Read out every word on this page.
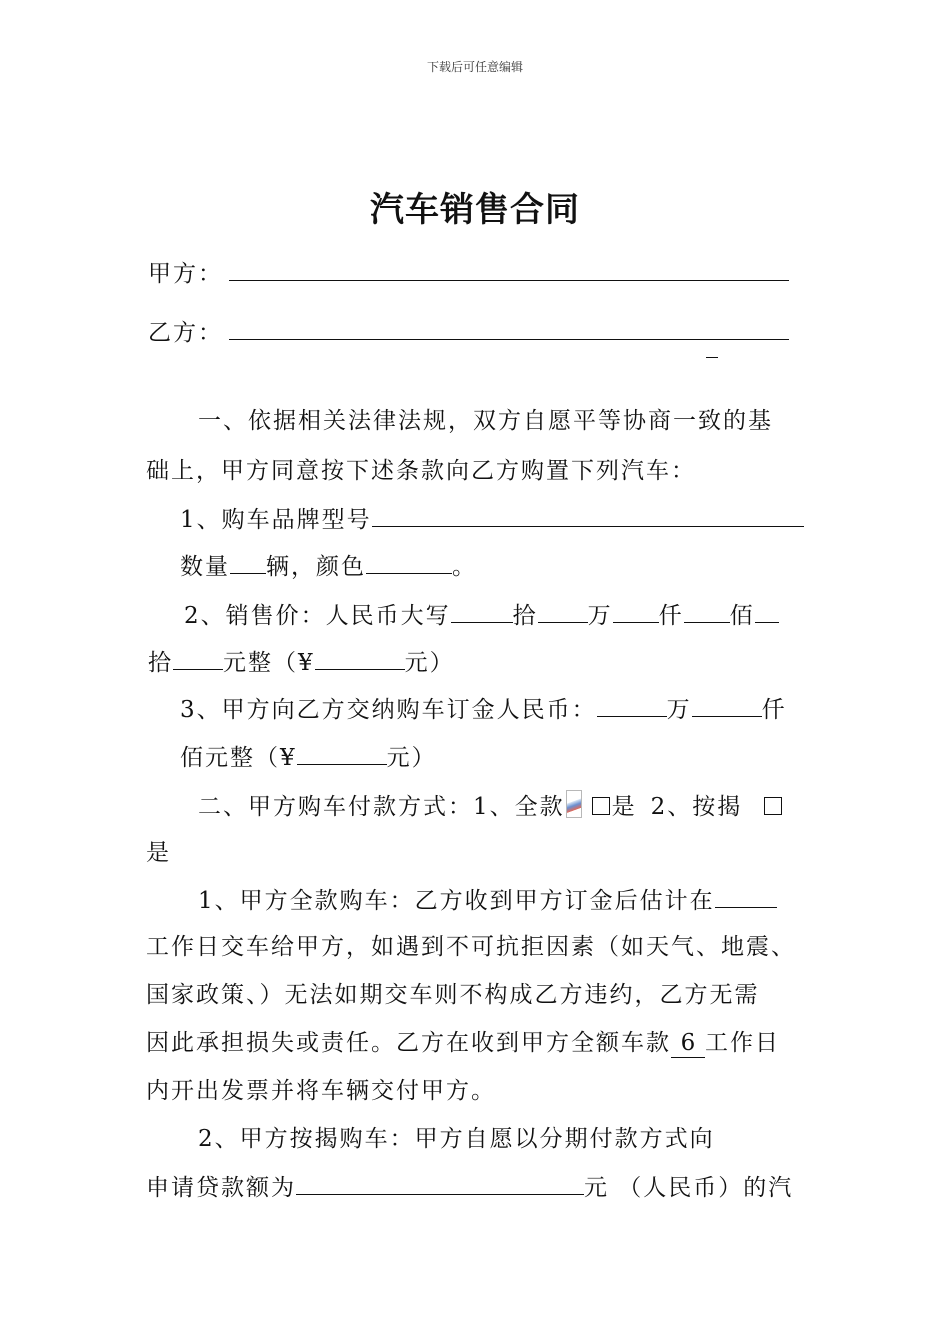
下载后可任意编辑
汽车销售合同
甲方：
乙方：
一、依据相关法律法规，双方自愿平等协商一致的基
础上，甲方同意按下述条款向乙方购置下列汽车：
1、购车品牌型号
数量 辆，颜色	。
2、销售价：人民币大写	拾 万 仟 佰
拾 元整（¥	元）
3、甲方向乙方交纳购车订金人民币：	万	仟
佰元整（¥	元）
二、甲方购车付款方式：1、全款 是 2、按揭
是
1、甲方全款购车：乙方收到甲方订金后估计在
工作日交车给甲方，如遇到不可抗拒因素（如天气、地震、
国家政策、）无法如期交车则不构成乙方违约，乙方无需
因此承担损失或责任。乙方在收到甲方全额车款 6 工作日
内开出发票并将车辆交付甲方。
2、甲方按揭购车：甲方自愿以分期付款方式向
申请贷款额为	元 （人民币）的汽
